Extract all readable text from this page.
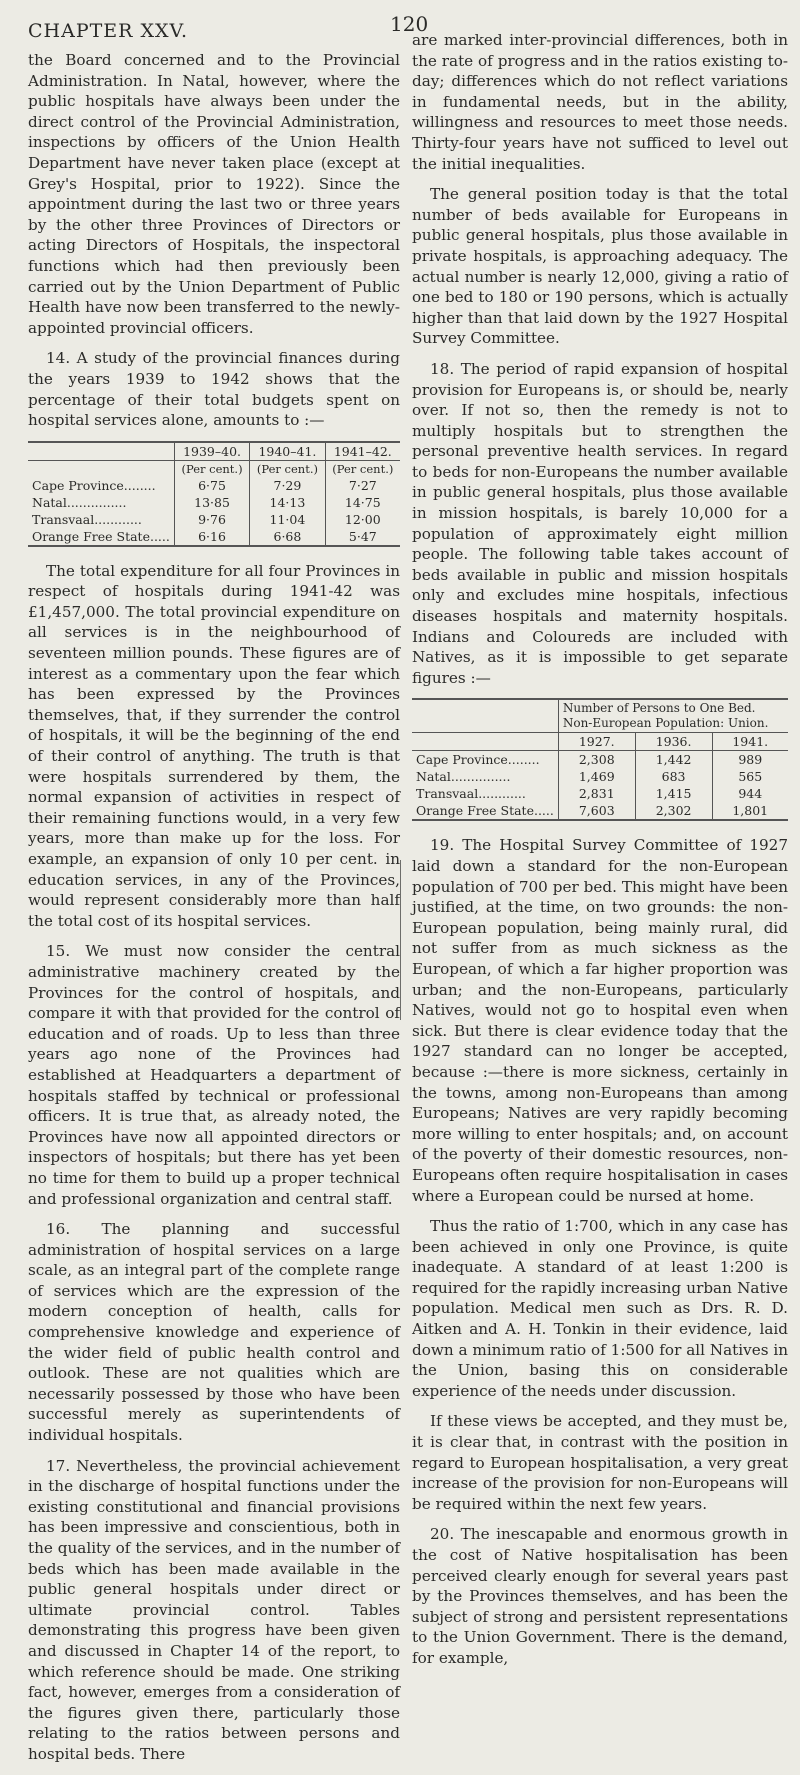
CHAPTER XXV.	120

the Board concerned and to the Provincial Administration. In Natal, however, where the public hospitals have always been under the direct control of the Provincial Administration, inspections by officers of the Union Health Department have never taken place (except at Grey's Hospital, prior to 1922). Since the appointment during the last two or three years by the other three Provinces of Directors or acting Directors of Hospitals, the inspectoral functions which had then previously been carried out by the Union Department of Public Health have now been transferred to the newly-appointed provincial officers.

14. A study of the provincial finances during the years 1939 to 1942 shows that the percentage of their total budgets spent on hospital services alone, amounts to :—

	1939–40.	1940–41.	1941–42.
	(Per cent.)	(Per cent.)	(Per cent.)
Cape Province........	6·75	7·29	7·27
Natal...............	13·85	14·13	14·75
Transvaal............	9·76	11·04	12·00
Orange Free State.....	6·16	6·68	5·47

The total expenditure for all four Provinces in respect of hospitals during 1941-42 was £1,457,000. The total provincial expenditure on all services is in the neighbourhood of seventeen million pounds. These figures are of interest as a commentary upon the fear which has been expressed by the Provinces themselves, that, if they surrender the control of hospitals, it will be the beginning of the end of their control of anything. The truth is that were hospitals surrendered by them, the normal expansion of activities in respect of their remaining functions would, in a very few years, more than make up for the loss. For example, an expansion of only 10 per cent. in education services, in any of the Provinces, would represent considerably more than half the total cost of its hospital services.

15. We must now consider the central administrative machinery created by the Provinces for the control of hospitals, and compare it with that provided for the control of education and of roads. Up to less than three years ago none of the Provinces had established at Headquarters a department of hospitals staffed by technical or professional officers. It is true that, as already noted, the Provinces have now all appointed directors or inspectors of hospitals; but there has yet been no time for them to build up a proper technical and professional organization and central staff.

16. The planning and successful administration of hospital services on a large scale, as an integral part of the complete range of services which are the expression of the modern conception of health, calls for comprehensive knowledge and experience of the wider field of public health control and outlook. These are not qualities which are necessarily possessed by those who have been successful merely as superintendents of individual hospitals.

17. Nevertheless, the provincial achievement in the discharge of hospital functions under the existing constitutional and financial provisions has been impressive and conscientious, both in the quality of the services, and in the number of beds which has been made available in the public general hospitals under direct or ultimate provincial control. Tables demonstrating this progress have been given and discussed in Chapter 14 of the report, to which reference should be made. One striking fact, however, emerges from a consideration of the figures given there, particularly those relating to the ratios between persons and hospital beds. There

are marked inter-provincial differences, both in the rate of progress and in the ratios existing to-day; differences which do not reflect variations in fundamental needs, but in the ability, willingness and resources to meet those needs. Thirty-four years have not sufficed to level out the initial inequalities.

The general position today is that the total number of beds available for Europeans in public general hospitals, plus those available in private hospitals, is approaching adequacy. The actual number is nearly 12,000, giving a ratio of one bed to 180 or 190 persons, which is actually higher than that laid down by the 1927 Hospital Survey Committee.

18. The period of rapid expansion of hospital provision for Europeans is, or should be, nearly over. If not so, then the remedy is not to multiply hospitals but to strengthen the personal preventive health services. In regard to beds for non-Europeans the number available in public general hospitals, plus those available in mission hospitals, is barely 10,000 for a population of approximately eight million people. The following table takes account of beds available in public and mission hospitals only and excludes mine hospitals, infectious diseases hospitals and maternity hospitals. Indians and Coloureds are included with Natives, as it is impossible to get separate figures :—

	Number of Persons to One Bed. Non-European Population: Union.		
	1927.	1936.	1941.
Cape Province........	2,308	1,442	989
Natal...............	1,469	683	565
Transvaal............	2,831	1,415	944
Orange Free State.....	7,603	2,302	1,801

19. The Hospital Survey Committee of 1927 laid down a standard for the non-European population of 700 per bed. This might have been justified, at the time, on two grounds: the non-European population, being mainly rural, did not suffer from as much sickness as the European, of which a far higher proportion was urban; and the non-Europeans, particularly Natives, would not go to hospital even when sick. But there is clear evidence today that the 1927 standard can no longer be accepted, because :—there is more sickness, certainly in the towns, among non-Europeans than among Europeans; Natives are very rapidly becoming more willing to enter hospitals; and, on account of the poverty of their domestic resources, non-Europeans often require hospitalisation in cases where a European could be nursed at home.

Thus the ratio of 1:700, which in any case has been achieved in only one Province, is quite inadequate. A standard of at least 1:200 is required for the rapidly increasing urban Native population. Medical men such as Drs. R. D. Aitken and A. H. Tonkin in their evidence, laid down a minimum ratio of 1:500 for all Natives in the Union, basing this on considerable experience of the needs under discussion.

If these views be accepted, and they must be, it is clear that, in contrast with the position in regard to European hospitalisation, a very great increase of the provision for non-Europeans will be required within the next few years.

20. The inescapable and enormous growth in the cost of Native hospitalisation has been perceived clearly enough for several years past by the Provinces themselves, and has been the subject of strong and persistent representations to the Union Government. There is the demand, for example,
